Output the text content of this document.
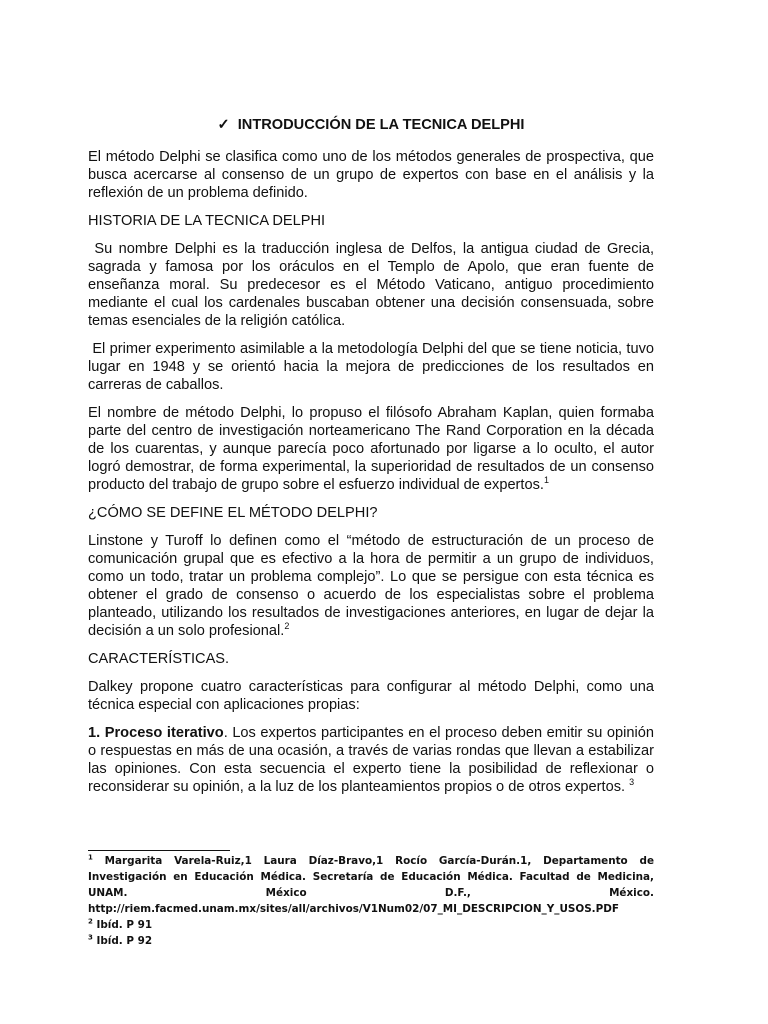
✓ INTRODUCCIÓN DE LA TECNICA DELPHI

El método Delphi se clasifica como uno de los métodos generales de prospectiva, que busca acercarse al consenso de un grupo de expertos con base en el análisis y la reflexión de un problema definido.

HISTORIA DE LA TECNICA DELPHI

Su nombre Delphi es la traducción inglesa de Delfos, la antigua ciudad de Grecia, sagrada y famosa por los oráculos en el Templo de Apolo, que eran fuente de enseñanza moral. Su predecesor es el Método Vaticano, antiguo procedimiento mediante el cual los cardenales buscaban obtener una decisión consensuada, sobre temas esenciales de la religión católica.

El primer experimento asimilable a la metodología Delphi del que se tiene noticia, tuvo lugar en 1948 y se orientó hacia la mejora de predicciones de los resultados en carreras de caballos.

El nombre de método Delphi, lo propuso el filósofo Abraham Kaplan, quien formaba parte del centro de investigación norteamericano The Rand Corporation en la década de los cuarentas, y aunque parecía poco afortunado por ligarse a lo oculto, el autor logró demostrar, de forma experimental, la superioridad de resultados de un consenso producto del trabajo de grupo sobre el esfuerzo individual de expertos.$^1$

¿CÓMO SE DEFINE EL MÉTODO DELPHI?

Linstone y Turoff lo definen como el “método de estructuración de un proceso de comunicación grupal que es efectivo a la hora de permitir a un grupo de individuos, como un todo, tratar un problema complejo”. Lo que se persigue con esta técnica es obtener el grado de consenso o acuerdo de los especialistas sobre el problema planteado, utilizando los resultados de investigaciones anteriores, en lugar de dejar la decisión a un solo profesional.$^2$

CARACTERÍSTICAS.

Dalkey propone cuatro características para configurar al método Delphi, como una técnica especial con aplicaciones propias:

1. Proceso iterativo. Los expertos participantes en el proceso deben emitir su opinión o respuestas en más de una ocasión, a través de varias rondas que llevan a estabilizar las opiniones. Con esta secuencia el experto tiene la posibilidad de reflexionar o reconsiderar su opinión, a la luz de los planteamientos propios o de otros expertos. $^3$

$^1$ Margarita Varela-Ruiz,1 Laura Díaz-Bravo,1 Rocío García-Durán.1, Departamento de Investigación en Educación Médica. Secretaría de Educación Médica. Facultad de Medicina, UNAM. México D.F., México. http://riem.facmed.unam.mx/sites/all/archivos/V1Num02/07_MI_DESCRIPCION_Y_USOS.PDF

$^2$ Ibíd. P 91

$^3$ Ibíd. P 92
